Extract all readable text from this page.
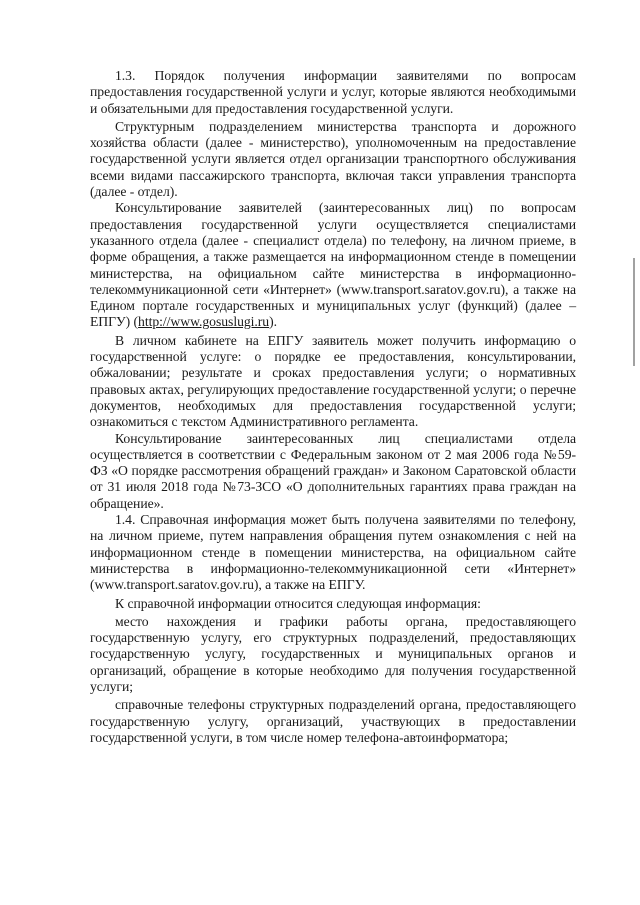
1.3. Порядок получения информации заявителями по вопросам предоставления государственной услуги и услуг, которые являются необходимыми и обязательными для предоставления государственной услуги.

Структурным подразделением министерства транспорта и дорожного хозяйства области (далее - министерство), уполномоченным на предоставление государственной услуги является отдел организации транспортного обслуживания всеми видами пассажирского транспорта, включая такси управления транспорта (далее - отдел).

Консультирование заявителей (заинтересованных лиц) по вопросам предоставления государственной услуги осуществляется специалистами указанного отдела (далее - специалист отдела) по телефону, на личном приеме, в форме обращения, а также размещается на информационном стенде в помещении министерства, на официальном сайте министерства в информационно-телекоммуникационной сети «Интернет» (www.transport.saratov.gov.ru), а также на Едином портале государственных и муниципальных услуг (функций) (далее – ЕПГУ) (http://www.gosuslugi.ru).

В личном кабинете на ЕПГУ заявитель может получить информацию о государственной услуге: о порядке ее предоставления, консультировании, обжаловании; результате и сроках предоставления услуги; о нормативных правовых актах, регулирующих предоставление государственной услуги; о перечне документов, необходимых для предоставления государственной услуги; ознакомиться с текстом Административного регламента.

Консультирование заинтересованных лиц специалистами отдела осуществляется в соответствии с Федеральным законом от 2 мая 2006 года №59-ФЗ «О порядке рассмотрения обращений граждан» и Законом Саратовской области от 31 июля 2018 года №73-ЗСО «О дополнительных гарантиях права граждан на обращение».

1.4. Справочная информация может быть получена заявителями по телефону, на личном приеме, путем направления обращения путем ознакомления с ней на информационном стенде в помещении министерства, на официальном сайте министерства в информационно-телекоммуникационной сети «Интернет» (www.transport.saratov.gov.ru), а также на ЕПГУ.

К справочной информации относится следующая информация:

место нахождения и графики работы органа, предоставляющего государственную услугу, его структурных подразделений, предоставляющих государственную услугу, государственных и муниципальных органов и организаций, обращение в которые необходимо для получения государственной услуги;

справочные телефоны структурных подразделений органа, предоставляющего государственную услугу, организаций, участвующих в предоставлении государственной услуги, в том числе номер телефона-автоинформатора;
